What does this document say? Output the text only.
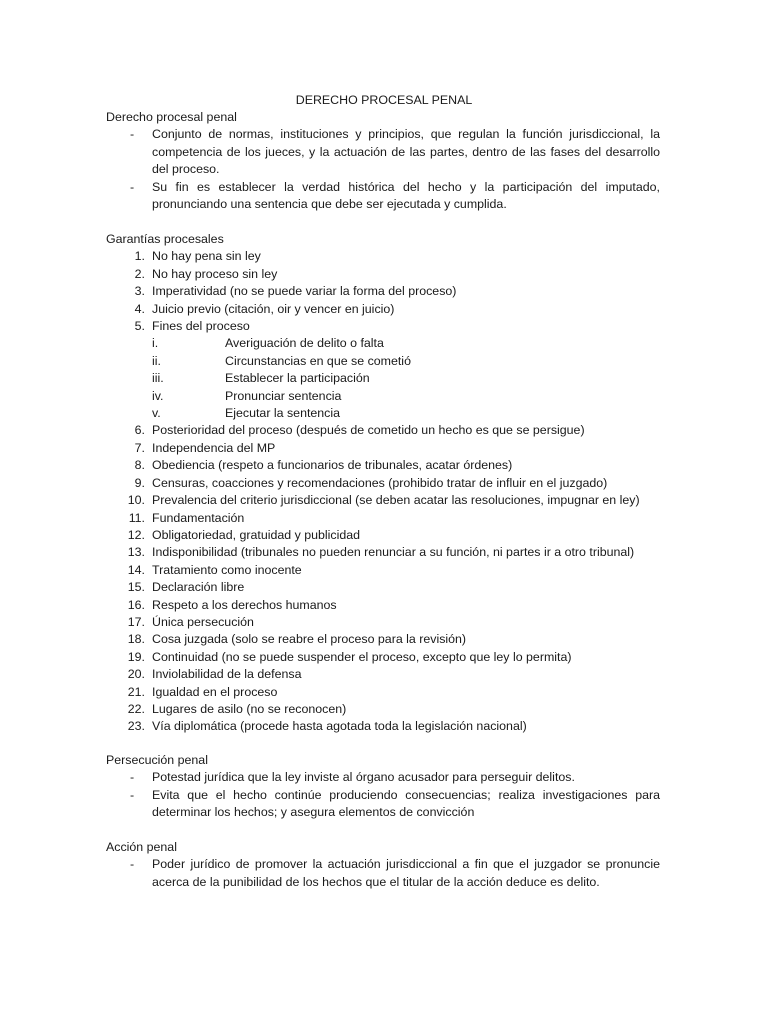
DERECHO PROCESAL PENAL
Derecho procesal penal
- Conjunto de normas, instituciones y principios, que regulan la función jurisdiccional, la competencia de los jueces, y la actuación de las partes, dentro de las fases del desarrollo del proceso.
- Su fin es establecer la verdad histórica del hecho y la participación del imputado, pronunciando una sentencia que debe ser ejecutada y cumplida.
Garantías procesales
1. No hay pena sin ley
2. No hay proceso sin ley
3. Imperatividad (no se puede variar la forma del proceso)
4. Juicio previo (citación, oir y vencer en juicio)
5. Fines del proceso
i.	Averiguación de delito o falta
ii.	Circunstancias en que se cometió
iii.	Establecer la participación
iv.	Pronunciar sentencia
v.	Ejecutar la sentencia
6. Posterioridad del proceso (después de cometido un hecho es que se persigue)
7. Independencia del MP
8. Obediencia (respeto a funcionarios de tribunales, acatar órdenes)
9. Censuras, coacciones y recomendaciones (prohibido tratar de influir en el juzgado)
10. Prevalencia del criterio jurisdiccional (se deben acatar las resoluciones, impugnar en ley)
11. Fundamentación
12. Obligatoriedad, gratuidad y publicidad
13. Indisponibilidad (tribunales no pueden renunciar a su función, ni partes ir a otro tribunal)
14. Tratamiento como inocente
15. Declaración libre
16. Respeto a los derechos humanos
17. Única persecución
18. Cosa juzgada (solo se reabre el proceso para la revisión)
19. Continuidad (no se puede suspender el proceso, excepto que ley lo permita)
20. Inviolabilidad de la defensa
21. Igualdad en el proceso
22. Lugares de asilo (no se reconocen)
23. Vía diplomática (procede hasta agotada toda la legislación nacional)
Persecución penal
- Potestad jurídica que la ley inviste al órgano acusador para perseguir delitos.
- Evita que el hecho continúe produciendo consecuencias; realiza investigaciones para determinar los hechos; y asegura elementos de convicción
Acción penal
- Poder jurídico de promover la actuación jurisdiccional a fin que el juzgador se pronuncie acerca de la punibilidad de los hechos que el titular de la acción deduce es delito.
